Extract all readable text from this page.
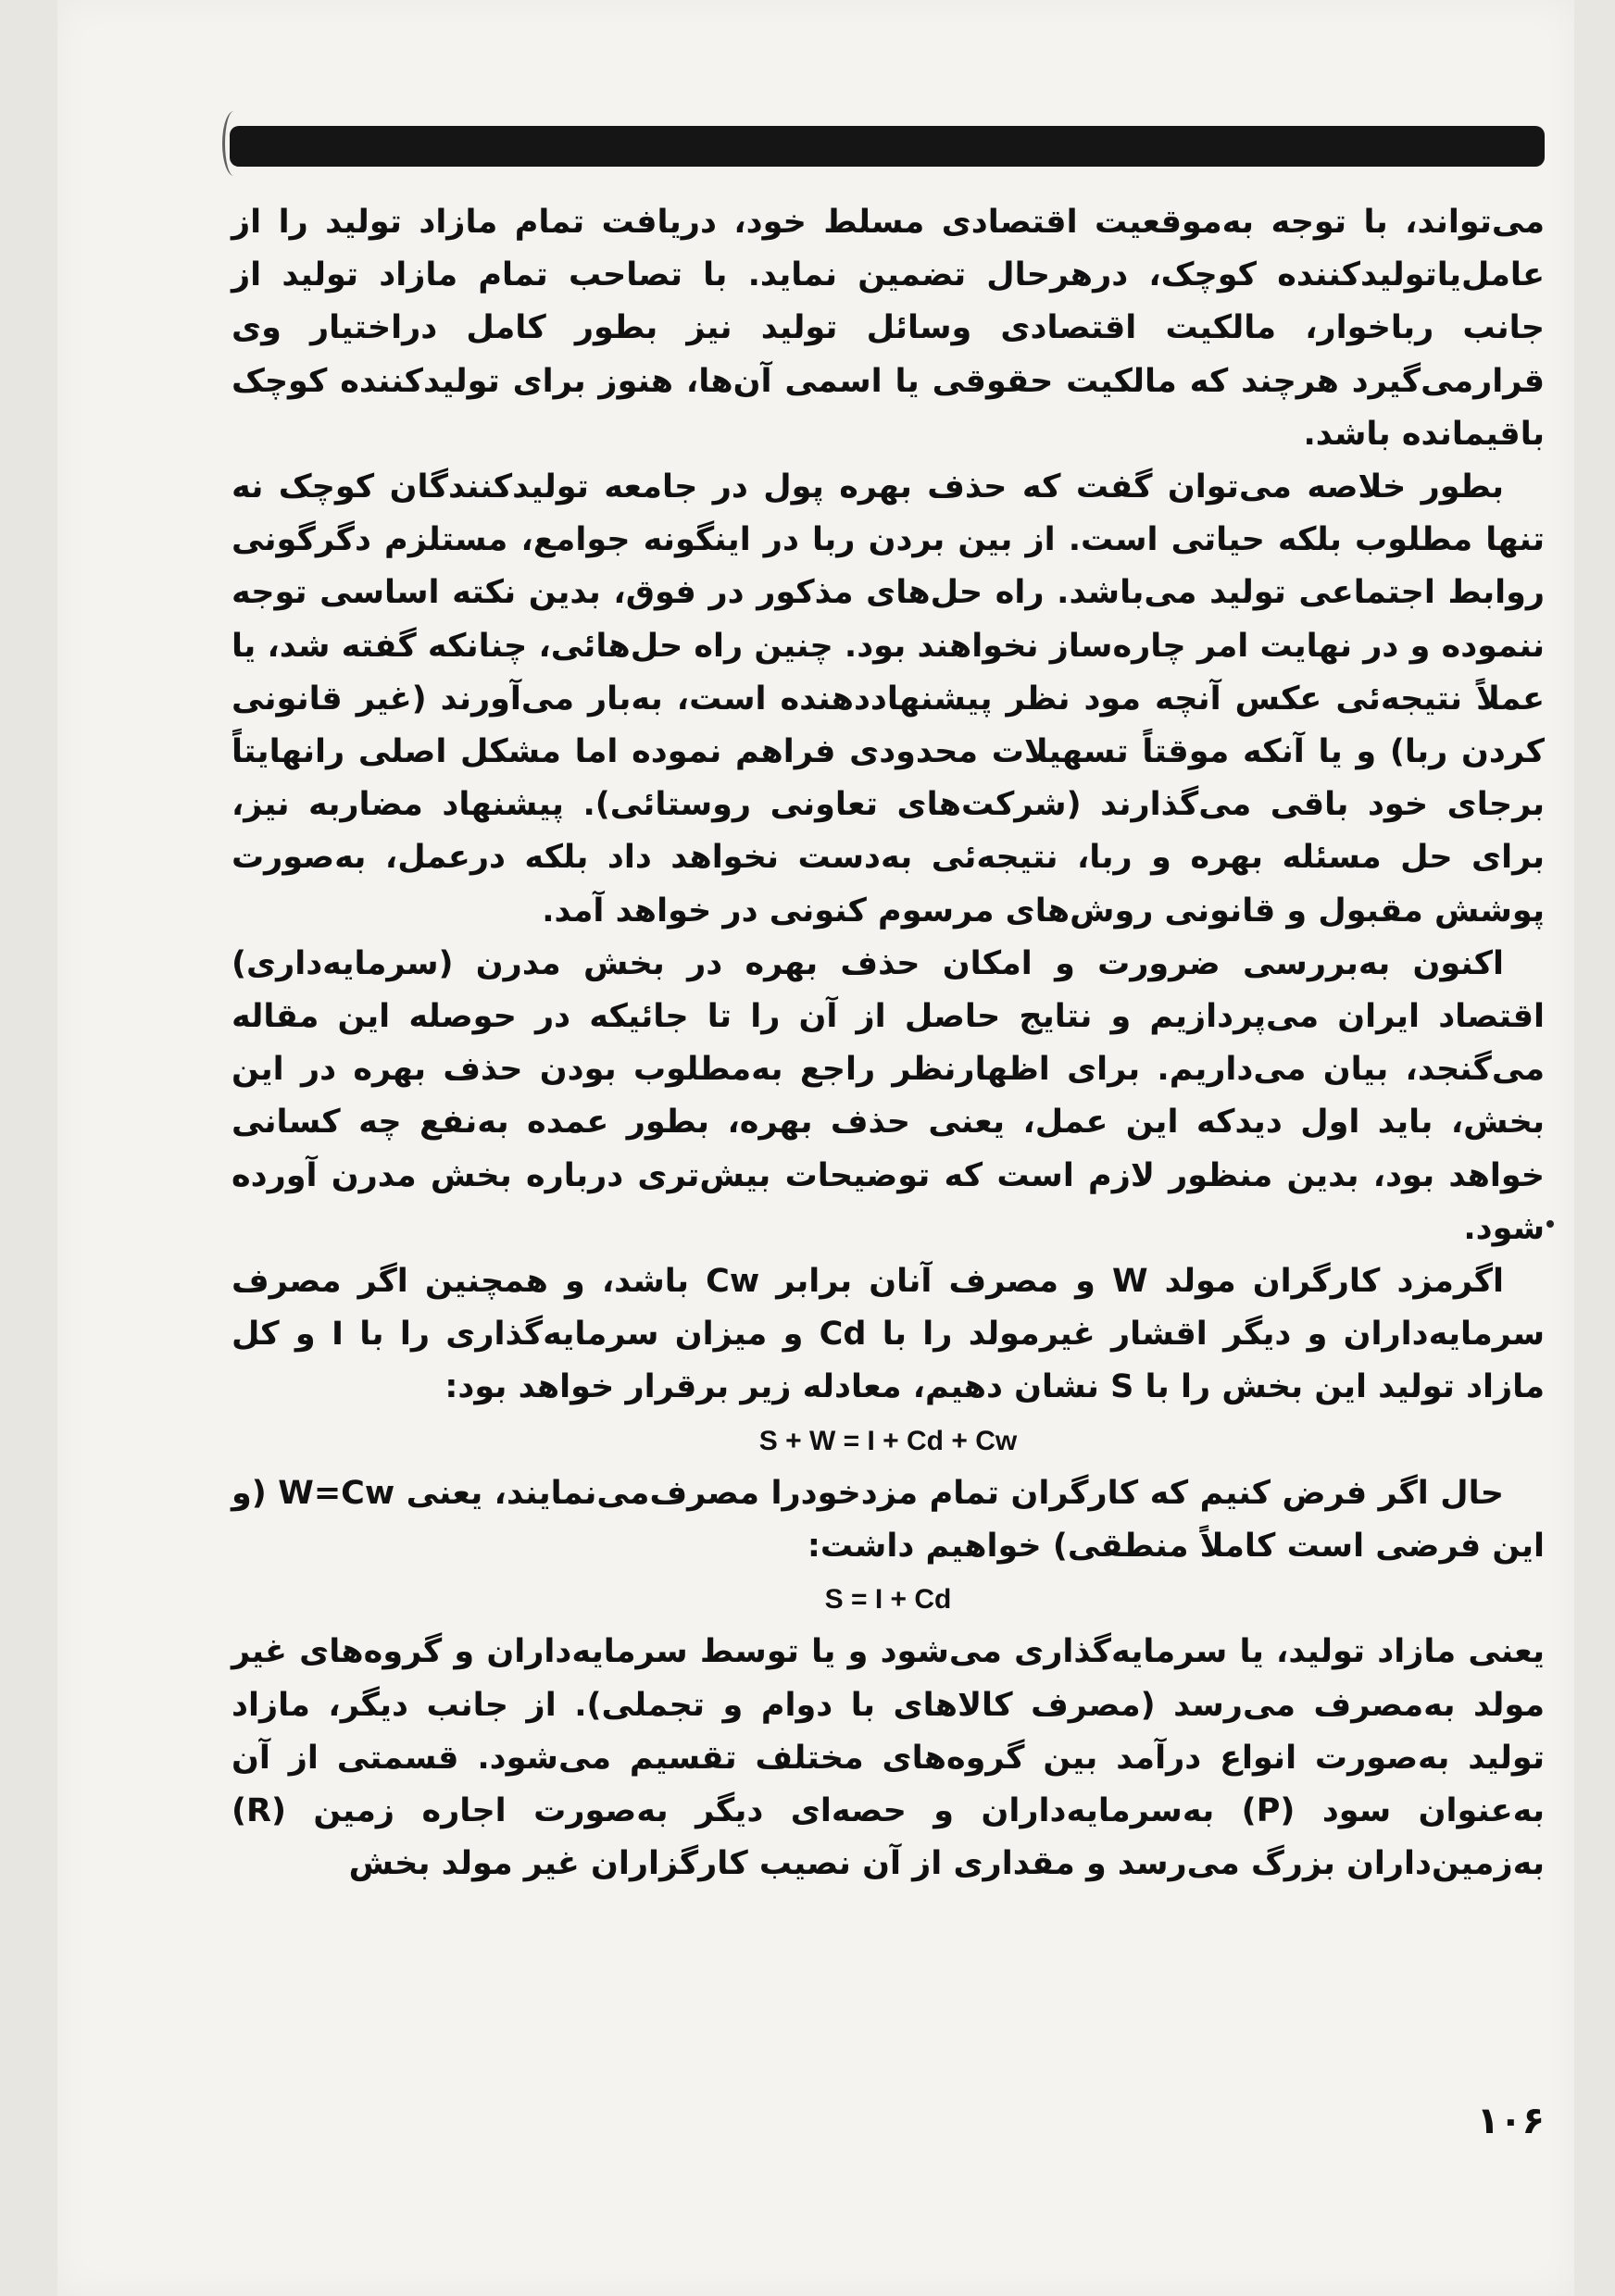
می‌تواند، با توجه به‌موقعیت اقتصادی مسلط خود، دریافت تمام مازاد تولید را از عامل‌یاتولیدکننده کوچک، درهرحال تضمین نماید. با تصاحب تمام مازاد تولید از جانب رباخوار، مالکیت اقتصادی وسائل تولید نیز بطور کامل دراختیار وی قرارمی‌گیرد هرچند که مالکیت حقوقی یا اسمی آن‌ها، هنوز برای تولیدکننده کوچک باقیمانده باشد.

بطور خلاصه می‌توان گفت که حذف بهره پول در جامعه تولیدکنندگان کوچک نه تنها مطلوب بلکه حیاتی است. از بین بردن ربا در اینگونه جوامع، مستلزم دگرگونی روابط اجتماعی تولید می‌باشد. راه حل‌های مذکور در فوق، بدین نکته اساسی توجه ننموده و در نهایت امر چاره‌ساز نخواهند بود. چنین راه حل‌هائی، چنانکه گفته شد، یا عملاً نتیجه‌ئی عکس آنچه مود نظر پیشنهاددهنده است، به‌بار می‌آورند (غیر قانونی کردن ربا) و یا آنکه موقتاً تسهیلات محدودی فراهم نموده اما مشکل اصلی رانهایتاً برجای خود باقی می‌گذارند (شرکت‌های تعاونی روستائی). پیشنهاد مضاربه نیز، برای حل مسئله بهره و ربا، نتیجه‌ئی به‌دست نخواهد داد بلکه درعمل، به‌صورت پوشش مقبول و قانونی روش‌های مرسوم کنونی در خواهد آمد.

اکنون به‌بررسی ضرورت و امکان حذف بهره در بخش مدرن (سرمایه‌داری) اقتصاد ایران می‌پردازیم و نتایج حاصل از آن را تا جائیکه در حوصله این مقاله می‌گنجد، بیان می‌داریم. برای اظهارنظر راجع به‌مطلوب بودن حذف بهره در این بخش، باید اول دیدکه این عمل، یعنی حذف بهره، بطور عمده به‌نفع چه کسانی خواهد بود، بدین منظور لازم است که توضیحات بیش‌تری درباره بخش مدرن آورده شود.

اگرمزد کارگران مولد W و مصرف آنان برابر Cw باشد، و همچنین اگر مصرف سرمایه‌داران و دیگر اقشار غیرمولد را با Cd و میزان سرمایه‌گذاری را با I و کل مازاد تولید این بخش را با S نشان دهیم، معادله زیر برقرار خواهد بود:

S + W = I + Cd + Cw

حال اگر فرض کنیم که کارگران تمام مزدخودرا مصرف‌می‌نمایند، یعنی W=Cw (و این فرضی است کاملاً منطقی) خواهیم داشت:

S = I + Cd

یعنی مازاد تولید، یا سرمایه‌گذاری می‌شود و یا توسط سرمایه‌داران و گروه‌های غیر مولد به‌مصرف می‌رسد (مصرف کالاهای با دوام و تجملی). از جانب دیگر، مازاد تولید به‌صورت انواع درآمد بین گروه‌های مختلف تقسیم می‌شود. قسمتی از آن به‌عنوان سود (P) به‌سرمایه‌داران و حصه‌ای دیگر به‌صورت اجاره زمین (R) به‌زمین‌داران بزرگ می‌رسد و مقداری از آن نصیب کارگزاران غیر مولد بخش

۱۰۶
